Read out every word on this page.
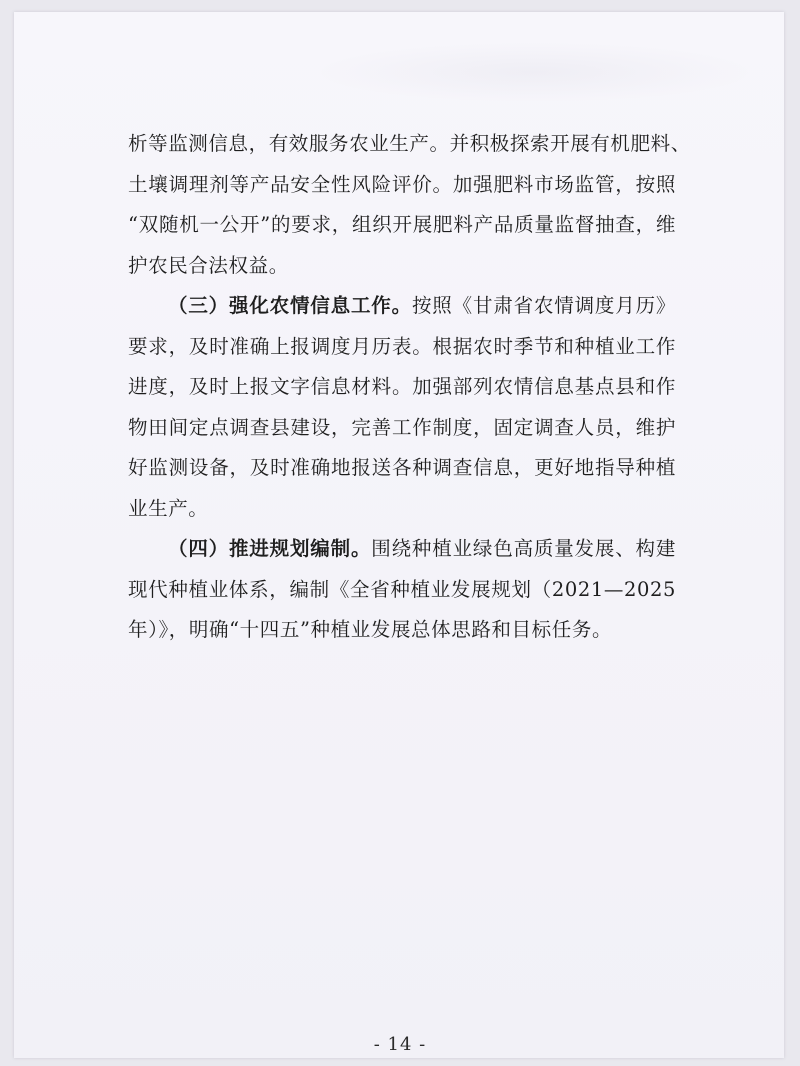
析等监测信息，有效服务农业生产。并积极探索开展有机肥料、
土壤调理剂等产品安全性风险评价。加强肥料市场监管，按照
“双随机一公开”的要求，组织开展肥料产品质量监督抽查，维
护农民合法权益。
（三）强化农情信息工作。按照《甘肃省农情调度月历》
要求，及时准确上报调度月历表。根据农时季节和种植业工作
进度，及时上报文字信息材料。加强部列农情信息基点县和作
物田间定点调查县建设，完善工作制度，固定调查人员，维护
好监测设备，及时准确地报送各种调查信息，更好地指导种植
业生产。
（四）推进规划编制。围绕种植业绿色高质量发展、构建
现代种植业体系，编制《全省种植业发展规划（2021—2025
年）》，明确“十四五”种植业发展总体思路和目标任务。
- 14 -
